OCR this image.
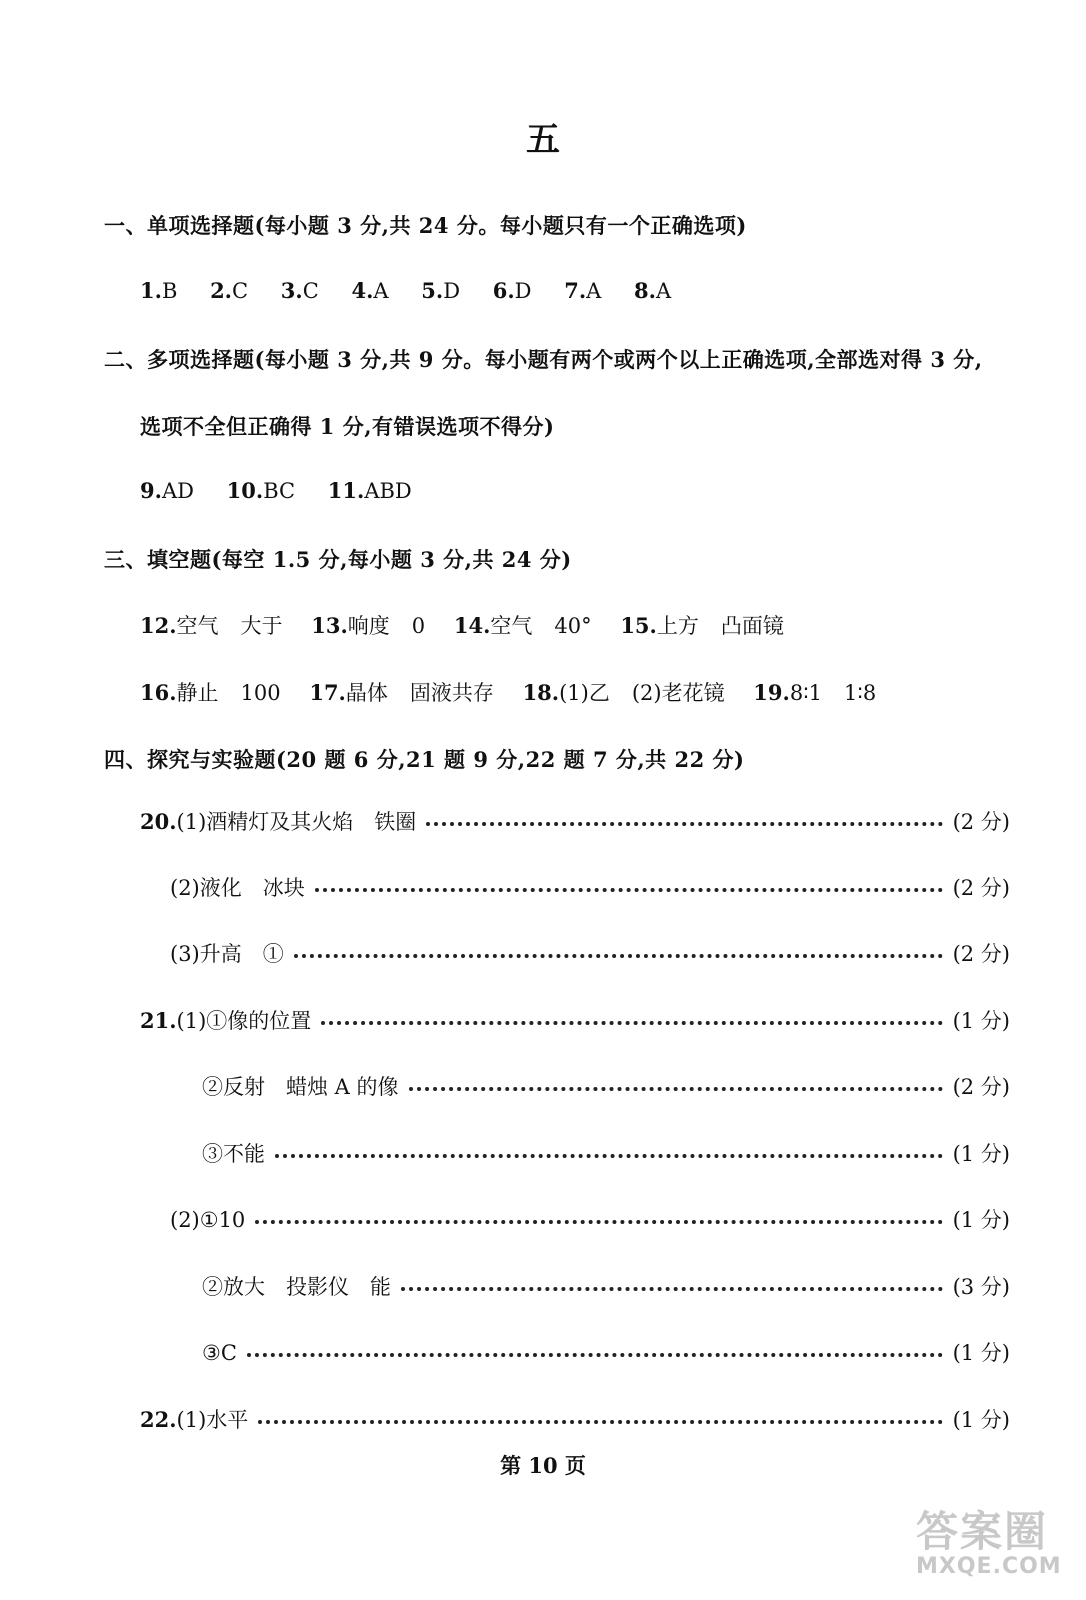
五
一、单项选择题(每小题 3 分,共 24 分。每小题只有一个正确选项)
1.B 2.C 3.C 4.A 5.D 6.D 7.A 8.A
二、多项选择题(每小题 3 分,共 9 分。每小题有两个或两个以上正确选项,全部选对得 3 分,
选项不全但正确得 1 分,有错误选项不得分)
9.AD 10.BC 11.ABD
三、填空题(每空 1.5 分,每小题 3 分,共 24 分)
12.空气 大于 13.响度 0 14.空气 40° 15.上方 凸面镜
16.静止 100 17.晶体 固液共存 18.(1)乙 (2)老花镜 19.8∶1 1∶8
四、探究与实验题(20 题 6 分,21 题 9 分,22 题 7 分,共 22 分)
20.(1)酒精灯及其火焰　铁圈	(2 分)
(2)液化　冰块	(2 分)
(3)升高　①	(2 分)
21.(1)①像的位置	(1 分)
②反射　蜡烛 A 的像	(2 分)
③不能	(1 分)
(2)①10	(1 分)
②放大　投影仪　能	(3 分)
③C	(1 分)
22.(1)水平	(1 分)
第 10 页
答案圈
MXQE.COM
